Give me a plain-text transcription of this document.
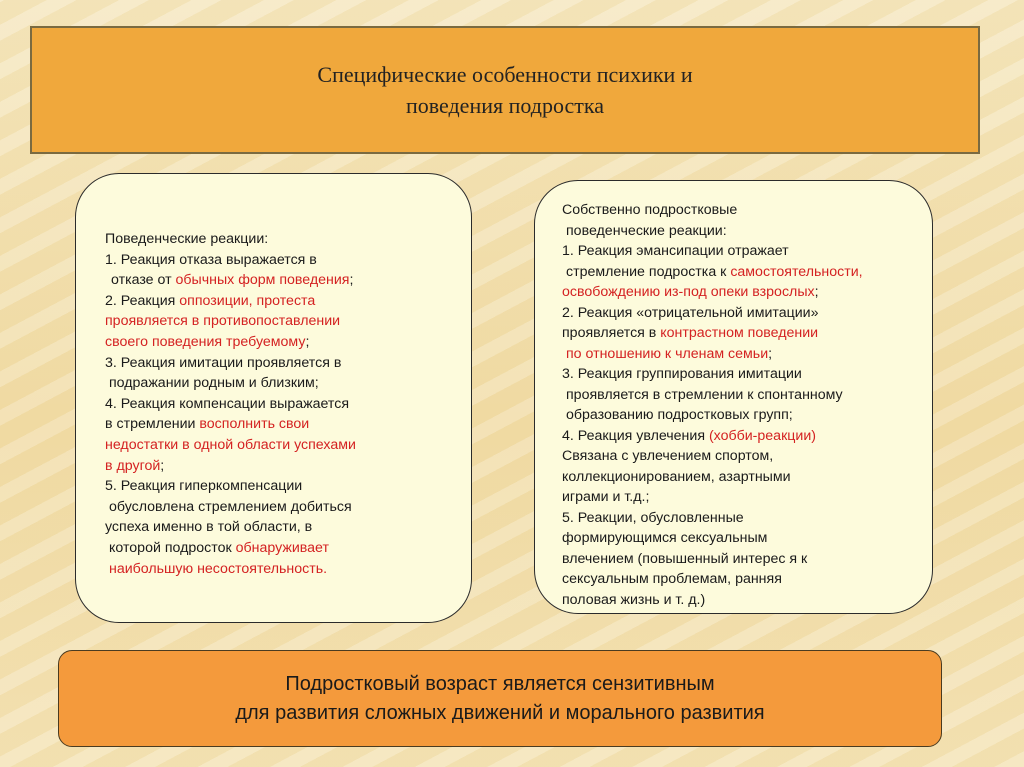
Специфические особенности психики и
поведения подростка
Поведенческие реакции:
1. Реакция отказа выражается в
отказе от обычных форм поведения;
2. Реакция оппозиции, протеста
проявляется в противопоставлении
своего поведения требуемому;
3. Реакция имитации проявляется в
подражании родным и близким;
4. Реакция компенсации выражается
в стремлении восполнить свои
недостатки в одной области успехами
в другой;
5. Реакция гиперкомпенсации
обусловлена стремлением добиться
успеха именно в той области, в
которой подросток обнаруживает
наибольшую несостоятельность.
Собственно подростковые
поведенческие реакции:
1. Реакция эмансипации отражает
стремление подростка к самостоятельности,
освобождению из-под опеки взрослых;
2. Реакция «отрицательной имитации»
проявляется в контрастном поведении
по отношению к членам семьи;
3. Реакция группирования имитации
проявляется в стремлении к спонтанному
образованию подростковых групп;
4. Реакция увлечения (хобби-реакции)
Связана с увлечением спортом,
коллекционированием, азартными
играми и т.д.;
5. Реакции, обусловленные
формирующимся сексуальным
влечением (повышенный интерес я к
сексуальным проблемам, ранняя
половая жизнь и т. д.)
Подростковый возраст является сензитивным
для развития сложных движений и морального развития
